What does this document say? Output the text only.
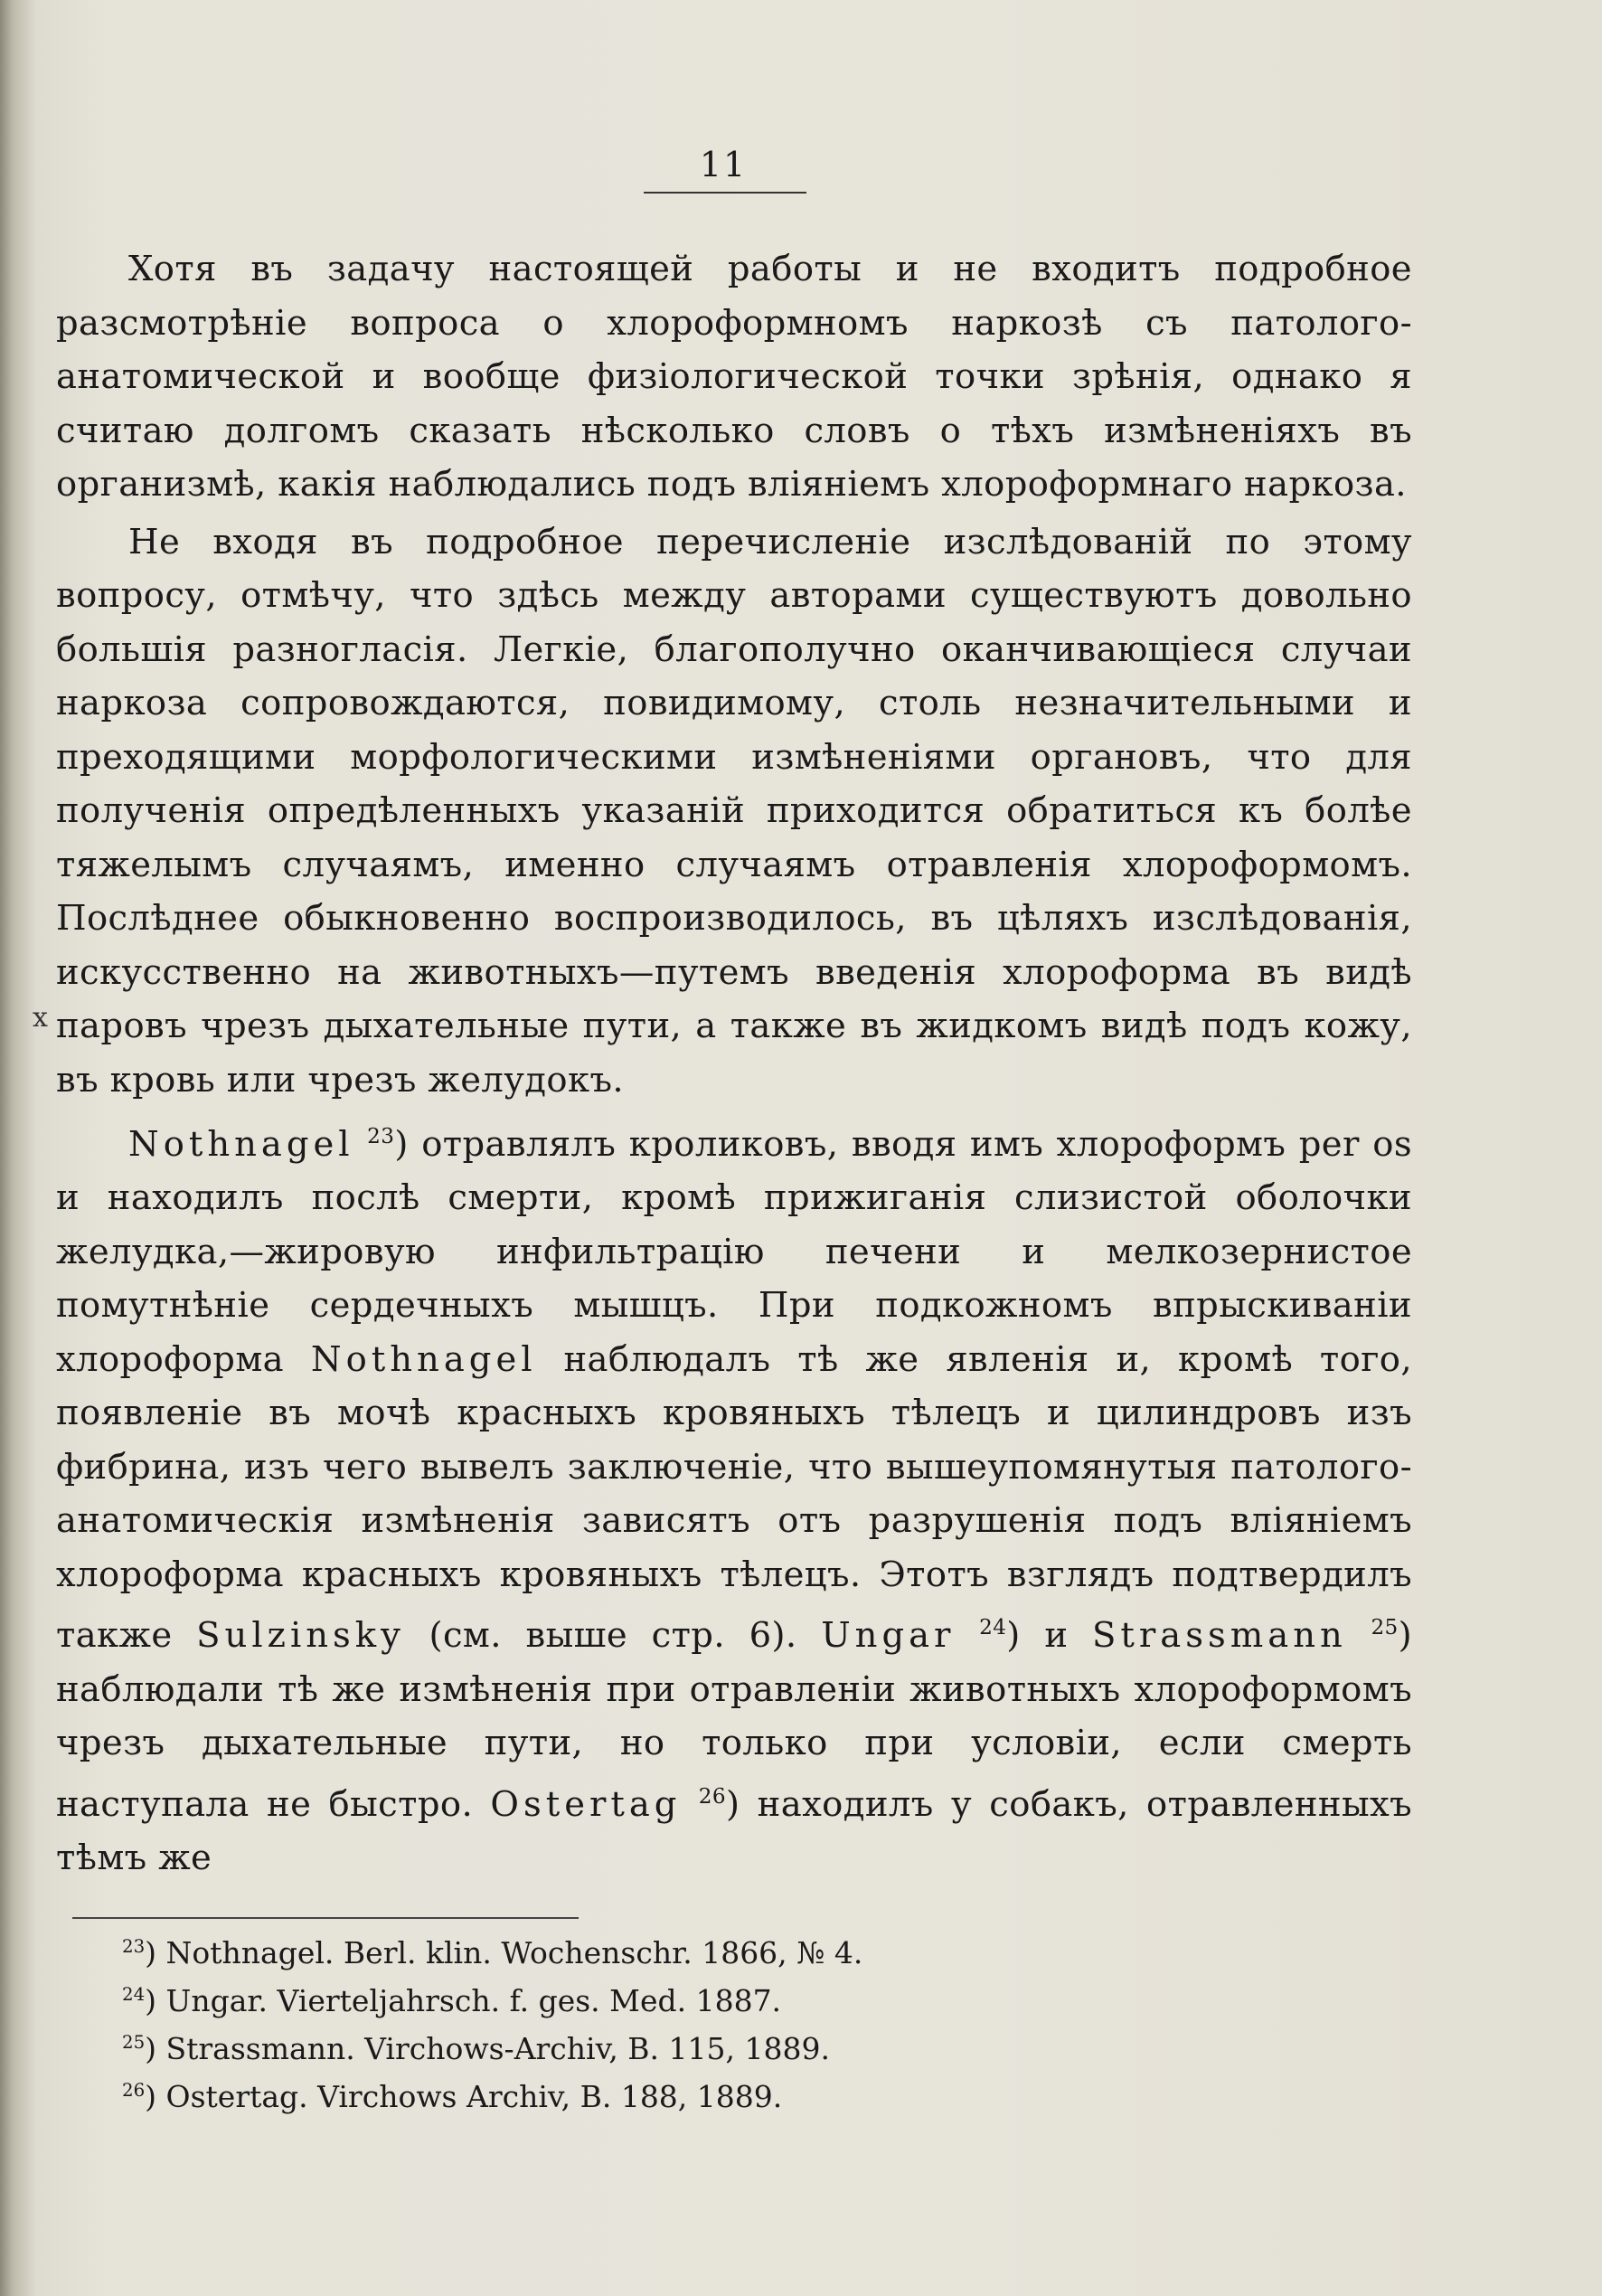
11
x

Хотя въ задачу настоящей работы и не входитъ подробное разсмотрѣніе вопроса о хлороформномъ наркозѣ съ патолого-анатомической и вообще физiологической точки зрѣнія, однако я считаю долгомъ сказать нѣсколько словъ о тѣхъ измѣненіяхъ въ организмѣ, какія наблюдались подъ вліяніемъ хлороформнаго наркоза.

Не входя въ подробное перечисленіе изслѣдованій по этому вопросу, отмѣчу, что здѣсь между авторами существуютъ довольно большія разногласія. Легкіе, благополучно оканчивающіеся случаи наркоза сопровождаются, повидимому, столь незначительными и преходящими морфологическими измѣненіями органовъ, что для полученія опредѣленныхъ указаній приходится обратиться къ болѣе тяжелымъ случаямъ, именно случаямъ отравленія хлороформомъ. Послѣднее обыкновенно воспроизводилось, въ цѣляхъ изслѣдованія, искусственно на животныхъ—путемъ введенія хлороформа въ видѣ паровъ чрезъ дыхательные пути, а также въ жидкомъ видѣ подъ кожу, въ кровь или чрезъ желудокъ.

Nothnagel $^{23}$) отравлялъ кроликовъ, вводя имъ хлороформъ per os и находилъ послѣ смерти, кромѣ прижиганія слизистой оболочки желудка,—жировую инфильтрацію печени и мелкозернистое помутнѣніе сердечныхъ мышцъ. При подкожномъ впрыскиваніи хлороформа Nothnagel наблюдалъ тѣ же явленія и, кромѣ того, появленіе въ мочѣ красныхъ кровяныхъ тѣлецъ и цилиндровъ изъ фибрина, изъ чего вывелъ заключеніе, что вышеупомянутыя патолого-анатомическія измѣненія зависятъ отъ разрушенія подъ вліяніемъ хлороформа красныхъ кровяныхъ тѣлецъ. Этотъ взглядъ подтвердилъ также Sulzinsky (см. выше стр. 6). Ungar $^{24}$) и Strassmann $^{25}$) наблюдали тѣ же измѣненія при отравленіи животныхъ хлороформомъ чрезъ дыхательные пути, но только при условіи, если смерть наступала не быстро. Ostertag $^{26}$) находилъ у собакъ, отравленныхъ тѣмъ же

$^{23}$) Nothnagel. Berl. klin. Wochenschr. 1866, № 4.
$^{24}$) Ungar. Vierteljahrsch. f. ges. Med. 1887.
$^{25}$) Strassmann. Virchows-Archiv, B. 115, 1889.
$^{26}$) Ostertag. Virchows Archiv, B. 188, 1889.
